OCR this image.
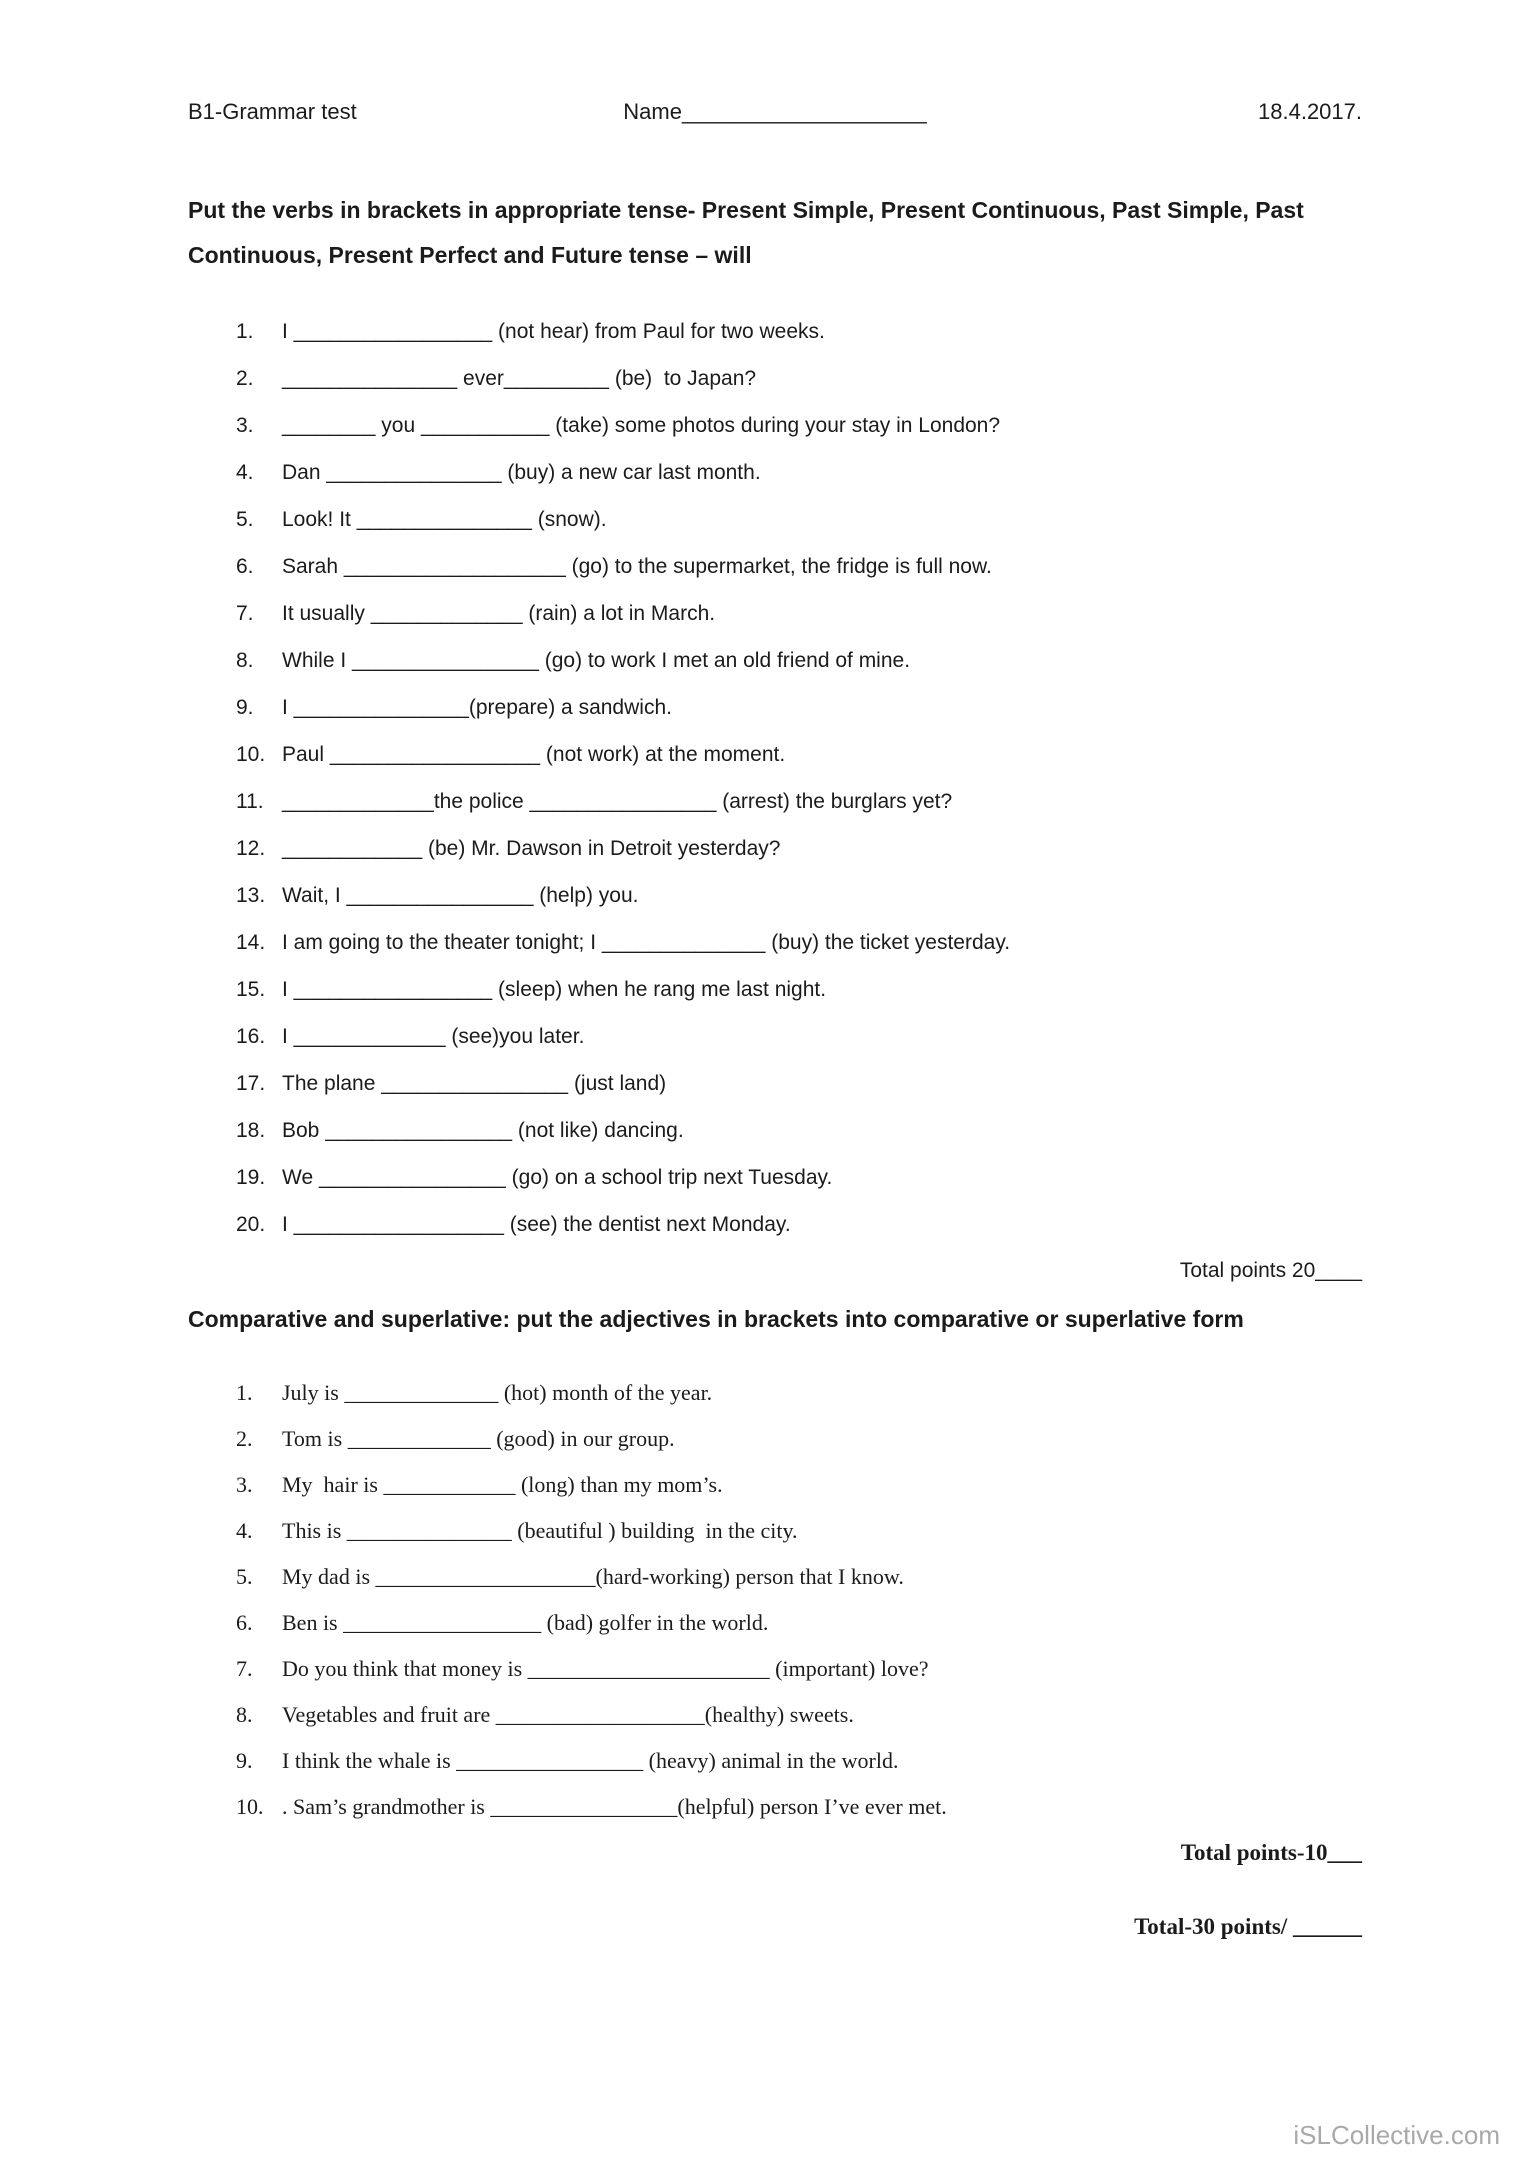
B1-Grammar test	Name____________________	18.4.2017.
Put the verbs in brackets in appropriate tense- Present Simple, Present Continuous, Past Simple, Past Continuous, Present Perfect and Future tense – will
1.	I _________________ (not hear) from Paul for two weeks.
2.	_______________ ever_________ (be)  to Japan?
3.	________ you ___________ (take) some photos during your stay in London?
4.	Dan _______________ (buy) a new car last month.
5.	Look! It _______________ (snow).
6.	Sarah ___________________ (go) to the supermarket, the fridge is full now.
7.	It usually _____________ (rain) a lot in March.
8.	While I ________________ (go) to work I met an old friend of mine.
9.	I _______________(prepare) a sandwich.
10. Paul __________________ (not work) at the moment.
11. _____________the police ________________ (arrest) the burglars yet?
12. ____________ (be) Mr. Dawson in Detroit yesterday?
13. Wait, I ________________ (help) you.
14. I am going to the theater tonight; I ______________ (buy) the ticket yesterday.
15. I _________________ (sleep) when he rang me last night.
16. I _____________ (see)you later.
17. The plane ________________ (just land)
18. Bob ________________ (not like) dancing.
19. We ________________ (go) on a school trip next Tuesday.
20. I __________________ (see) the dentist next Monday.
Total points 20____
Comparative and superlative: put the adjectives in brackets into comparative or superlative form
1.	July is ______________ (hot) month of the year.
2.	Tom is _____________ (good) in our group.
3.	My  hair is ____________ (long) than my mom’s.
4.	This is _______________ (beautiful ) building  in the city.
5.	My dad is ____________________(hard-working) person that I know.
6.	Ben is __________________ (bad) golfer in the world.
7.	Do you think that money is ______________________ (important) love?
8.	Vegetables and fruit are ___________________(healthy) sweets.
9.	I think the whale is _________________ (heavy) animal in the world.
10. . Sam’s grandmother is _________________(helpful) person I’ve ever met.
Total points-10___
Total-30 points/ ______
iSLCollective.com
